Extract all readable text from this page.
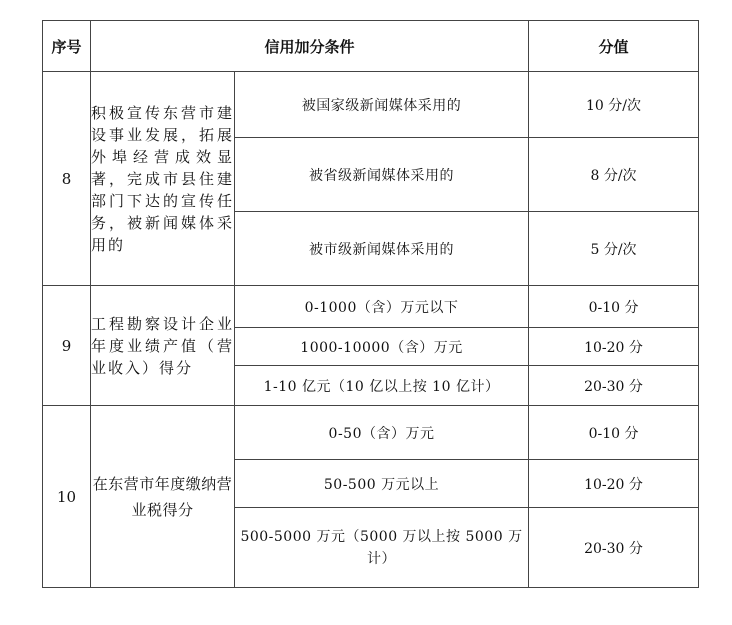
序号	信用加分条件		分值
8	积极宣传东营市建设事业发展，拓展外埠经营成效显著，完成市县住建部门下达的宣传任务，被新闻媒体采用的	被国家级新闻媒体采用的	10 分/次
		被省级新闻媒体采用的	8 分/次
		被市级新闻媒体采用的	5 分/次
9	工程勘察设计企业年度业绩产值（营业收入）得分	0-1000（含）万元以下	0-10 分
		1000-10000（含）万元	10-20 分
		1-10 亿元（10 亿以上按 10 亿计）	20-30 分
10	在东营市年度缴纳营业税得分	0-50（含）万元	0-10 分
		50-500 万元以上	10-20 分
		500-5000 万元（5000 万以上按 5000 万计）	20-30 分
